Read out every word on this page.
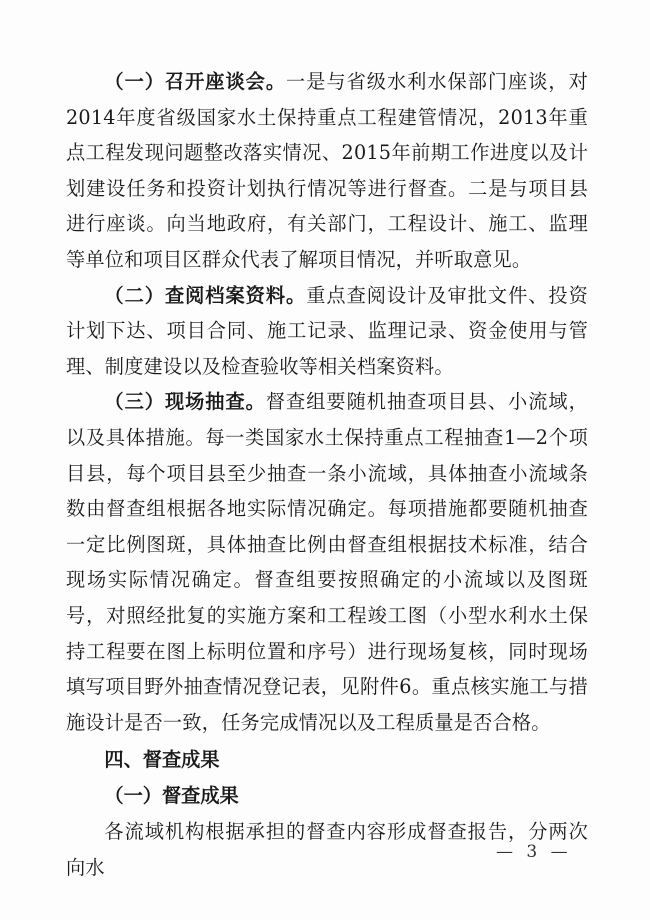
（一）召开座谈会。一是与省级水利水保部门座谈，对2014年度省级国家水土保持重点工程建管情况，2013年重点工程发现问题整改落实情况、2015年前期工作进度以及计划建设任务和投资计划执行情况等进行督查。二是与项目县进行座谈。向当地政府，有关部门，工程设计、施工、监理等单位和项目区群众代表了解项目情况，并听取意见。

（二）查阅档案资料。重点查阅设计及审批文件、投资计划下达、项目合同、施工记录、监理记录、资金使用与管理、制度建设以及检查验收等相关档案资料。

（三）现场抽查。督查组要随机抽查项目县、小流域，以及具体措施。每一类国家水土保持重点工程抽查1—2个项目县，每个项目县至少抽查一条小流域，具体抽查小流域条数由督查组根据各地实际情况确定。每项措施都要随机抽查一定比例图斑，具体抽查比例由督查组根据技术标准，结合现场实际情况确定。督查组要按照确定的小流域以及图斑号，对照经批复的实施方案和工程竣工图（小型水利水土保持工程要在图上标明位置和序号）进行现场复核，同时现场填写项目野外抽查情况登记表，见附件6。重点核实施工与措施设计是否一致，任务完成情况以及工程质量是否合格。

四、督查成果
（一）督查成果

各流域机构根据承担的督查内容形成督查报告，分两次向水

— 3 —
